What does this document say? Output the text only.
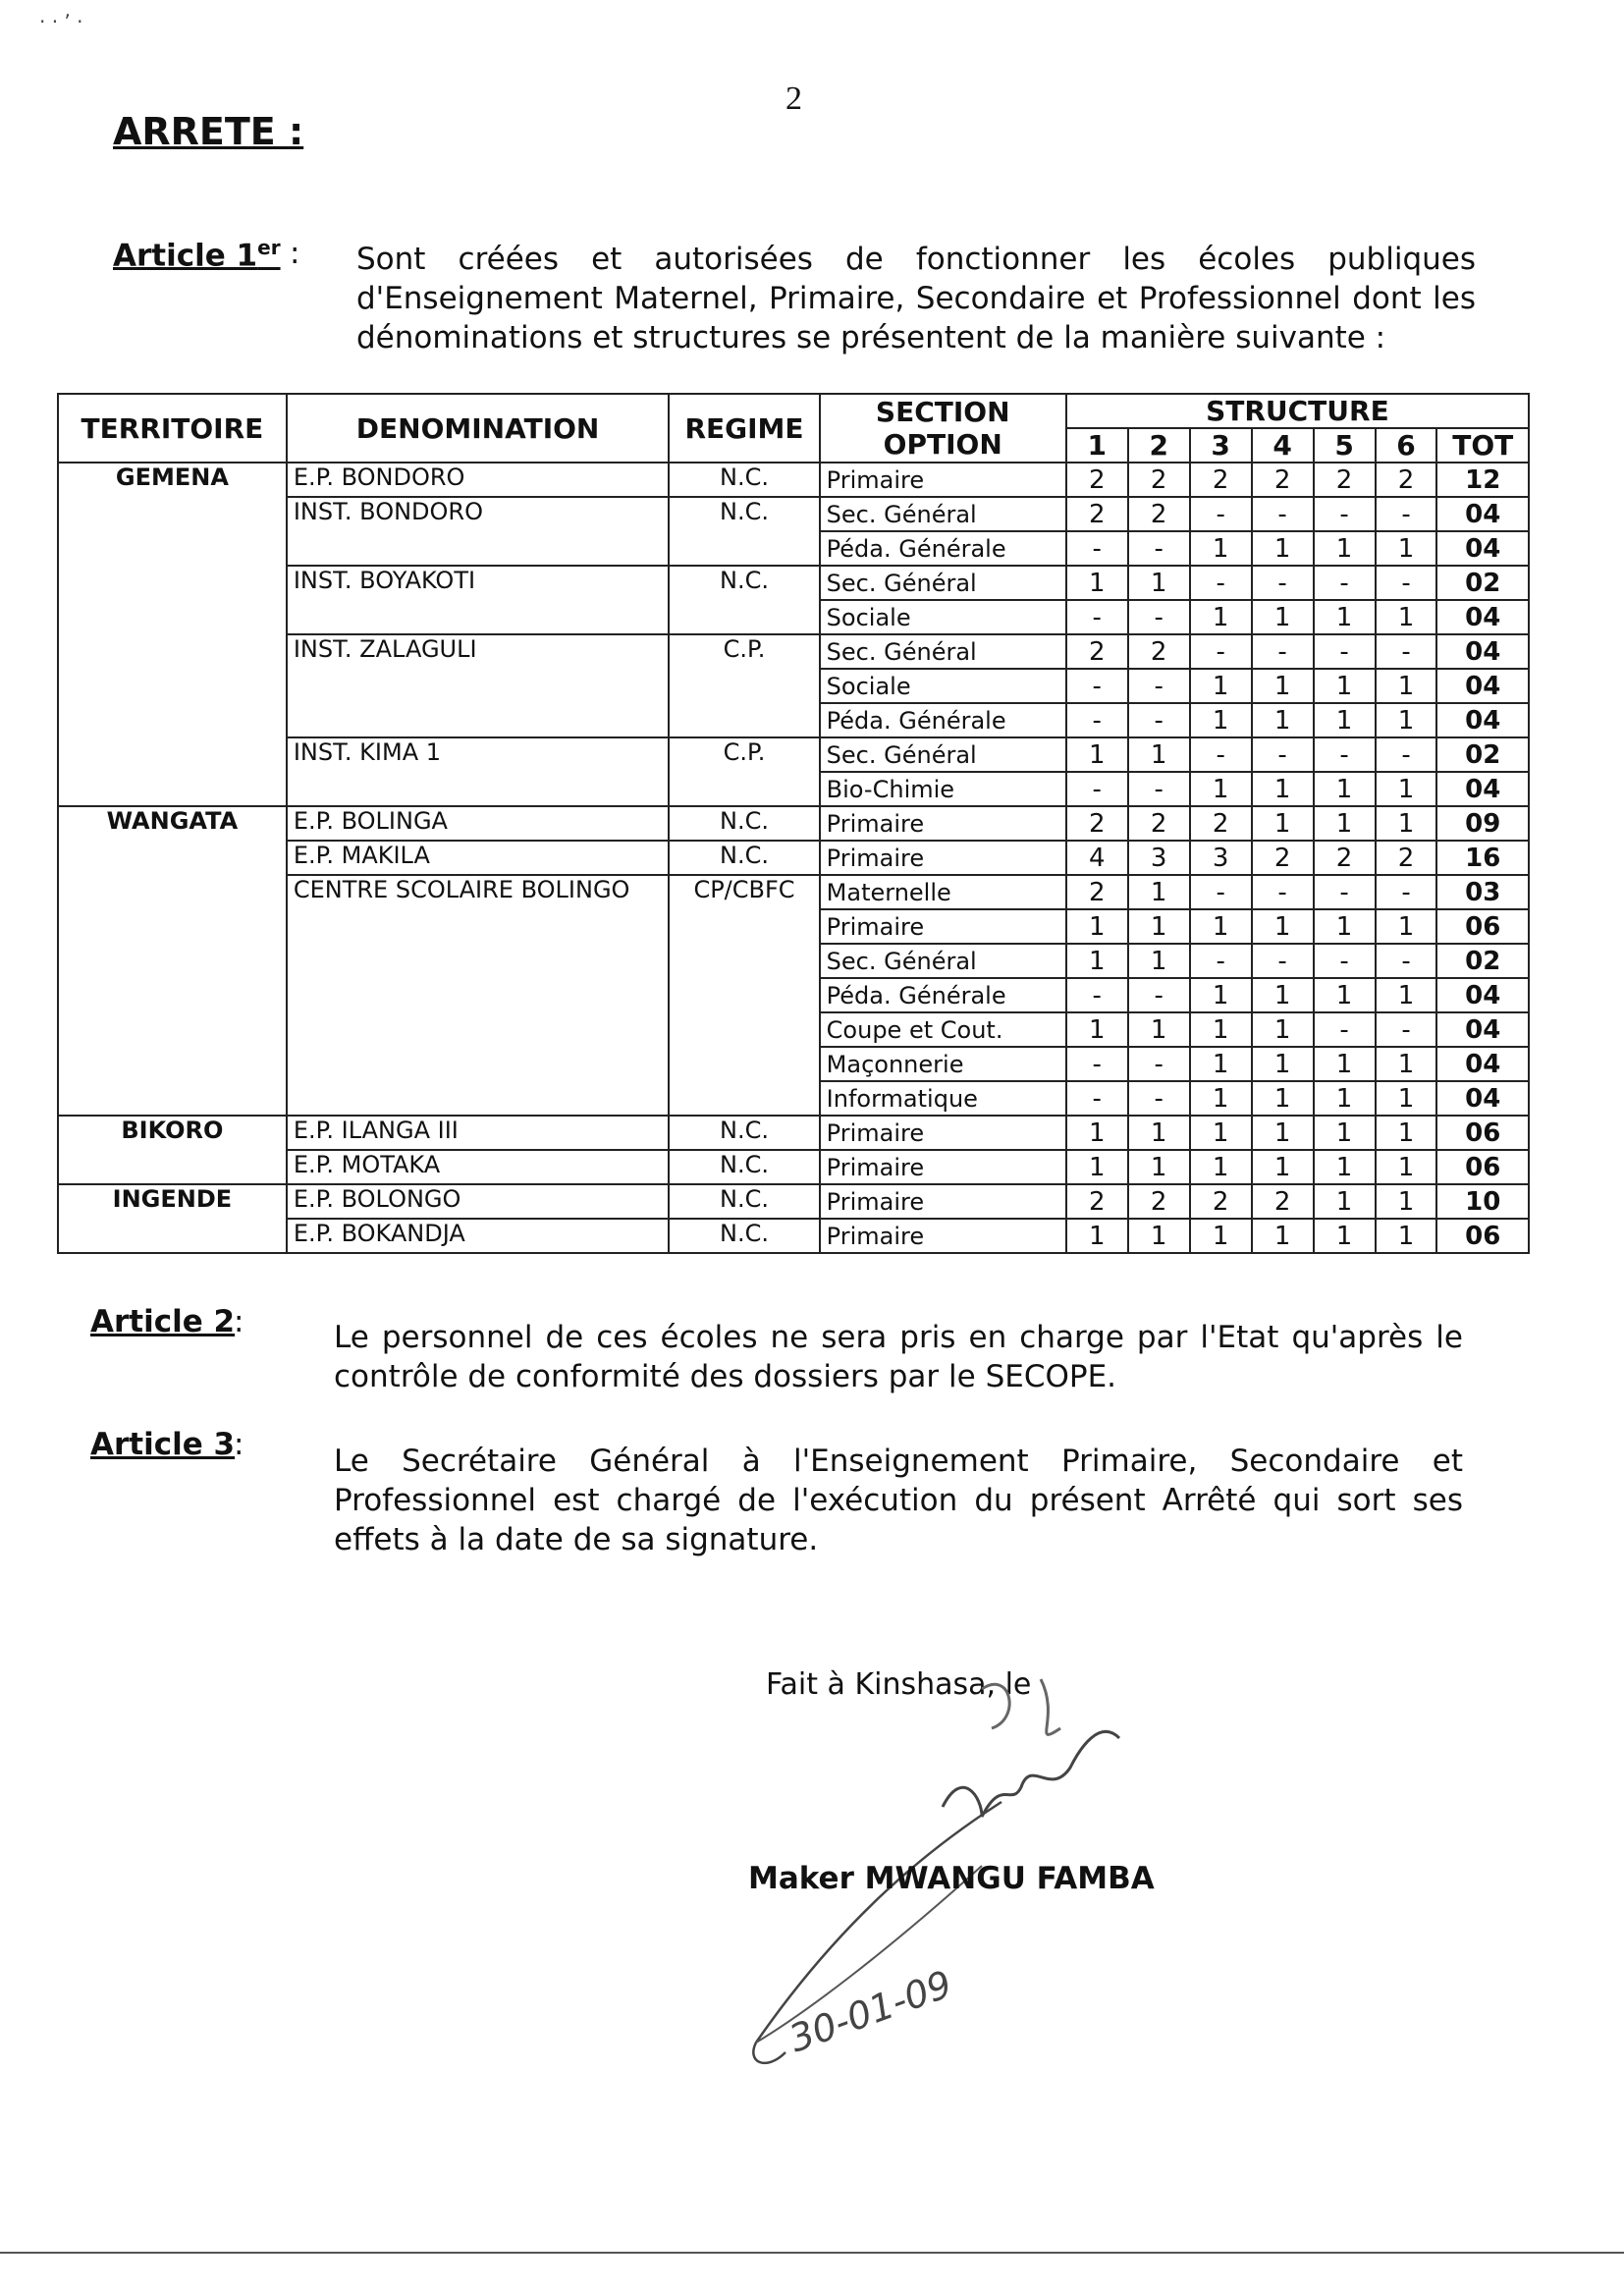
· · ʼ ·
2
ARRETE :
Article 1er : Sont créées et autorisées de fonctionner les écoles publiques d'Enseignement Maternel, Primaire, Secondaire et Professionnel dont les dénominations et structures se présentent de la manière suivante :
TERRITOIRE	DENOMINATION	REGIME	SECTION OPTION	STRUCTURE						
				1	2	3	4	5	6	TOT
GEMENA	E.P. BONDORO	N.C.	Primaire	2	2	2	2	2	2	12
	INST. BONDORO	N.C.	Sec. Général	2	2	-	-	-	-	04
			Péda. Générale	-	-	1	1	1	1	04
	INST. BOYAKOTI	N.C.	Sec. Général	1	1	-	-	-	-	02
			Sociale	-	-	1	1	1	1	04
	INST. ZALAGULI	C.P.	Sec. Général	2	2	-	-	-	-	04
			Sociale	-	-	1	1	1	1	04
			Péda. Générale	-	-	1	1	1	1	04
	INST. KIMA 1	C.P.	Sec. Général	1	1	-	-	-	-	02
			Bio-Chimie	-	-	1	1	1	1	04
WANGATA	E.P. BOLINGA	N.C.	Primaire	2	2	2	1	1	1	09
	E.P. MAKILA	N.C.	Primaire	4	3	3	2	2	2	16
	CENTRE SCOLAIRE BOLINGO	CP/CBFC	Maternelle	2	1	-	-	-	-	03
			Primaire	1	1	1	1	1	1	06
			Sec. Général	1	1	-	-	-	-	02
			Péda. Générale	-	-	1	1	1	1	04
			Coupe et Cout.	1	1	1	1	-	-	04
			Maçonnerie	-	-	1	1	1	1	04
			Informatique	-	-	1	1	1	1	04
BIKORO	E.P. ILANGA III	N.C.	Primaire	1	1	1	1	1	1	06
	E.P. MOTAKA	N.C.	Primaire	1	1	1	1	1	1	06
INGENDE	E.P. BOLONGO	N.C.	Primaire	2	2	2	2	1	1	10
	E.P. BOKANDJA	N.C.	Primaire	1	1	1	1	1	1	06
Article 2
:	Le personnel de ces écoles ne sera pris en charge par l'Etat qu'après le contrôle de conformité des dossiers par le SECOPE.
Article 3
:	Le Secrétaire Général à l'Enseignement Primaire, Secondaire et Professionnel est chargé de l'exécution du présent Arrêté qui sort ses effets à la date de sa signature.
Fait à Kinshasa, le
30-01-09
Maker MWANGU FAMBA
